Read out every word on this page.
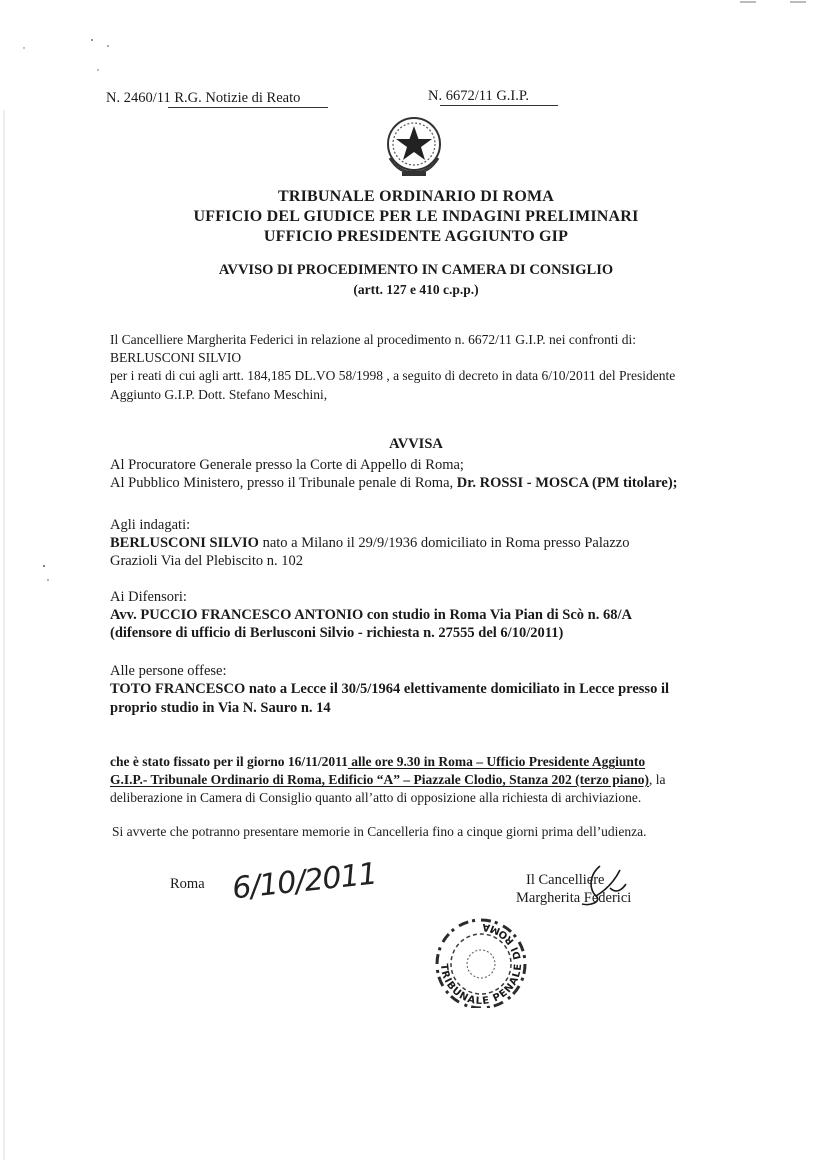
N. 2460/11 R.G. Notizie di Reato	N. 6672/11 G.I.P.
TRIBUNALE ORDINARIO DI ROMA
UFFICIO DEL GIUDICE PER LE INDAGINI PRELIMINARI
UFFICIO PRESIDENTE AGGIUNTO GIP
AVVISO DI PROCEDIMENTO IN CAMERA DI CONSIGLIO
(artt. 127 e 410 c.p.p.)
Il Cancelliere Margherita Federici in relazione al procedimento n. 6672/11 G.I.P. nei confronti di:
BERLUSCONI SILVIO
per i reati di cui agli artt. 184,185 DL.VO 58/1998 , a seguito di decreto in data 6/10/2011 del Presidente
Aggiunto G.I.P. Dott. Stefano Meschini,
AVVISA
Al Procuratore Generale presso la Corte di Appello di Roma;
Al Pubblico Ministero, presso il Tribunale penale di Roma, Dr. ROSSI - MOSCA (PM titolare);
Agli indagati:
BERLUSCONI SILVIO nato a Milano il 29/9/1936 domiciliato in Roma presso Palazzo
Grazioli Via del Plebiscito n. 102
Ai Difensori:
Avv. PUCCIO FRANCESCO ANTONIO con studio in Roma Via Pian di Scò n. 68/A
(difensore di ufficio di Berlusconi Silvio - richiesta n. 27555 del 6/10/2011)
Alle persone offese:
TOTO FRANCESCO nato a Lecce il 30/5/1964 elettivamente domiciliato in Lecce presso il
proprio studio in Via N. Sauro n. 14
che è stato fissato per il giorno 16/11/2011 alle ore 9.30 in Roma – Ufficio Presidente Aggiunto
G.I.P.- Tribunale Ordinario di Roma, Edificio “A” – Piazzale Clodio, Stanza 202 (terzo piano), la
deliberazione in Camera di Consiglio quanto all’atto di opposizione alla richiesta di archiviazione.
Si avverte che potranno presentare memorie in Cancelleria fino a cinque giorni prima dell’udienza.
Roma 6/10/2011	Il Cancelliere
Margherita Federici
TRIBUNALE PENALE DI ROMA
